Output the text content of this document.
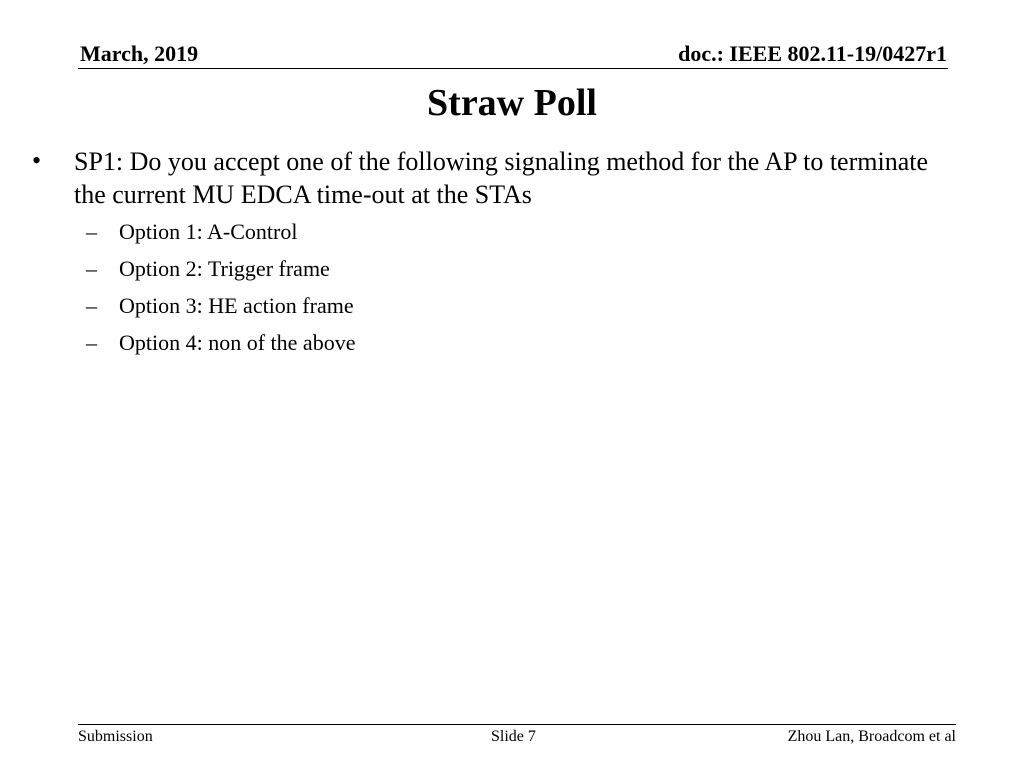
March, 2019	doc.: IEEE 802.11-19/0427r1
Straw Poll
• SP1: Do you accept one of the following signaling method for the AP to terminate the current MU EDCA time-out at the STAs
– Option 1: A-Control
– Option 2: Trigger frame
– Option 3: HE action frame
– Option 4: non of the above
Submission	Slide 7	Zhou Lan, Broadcom et al
